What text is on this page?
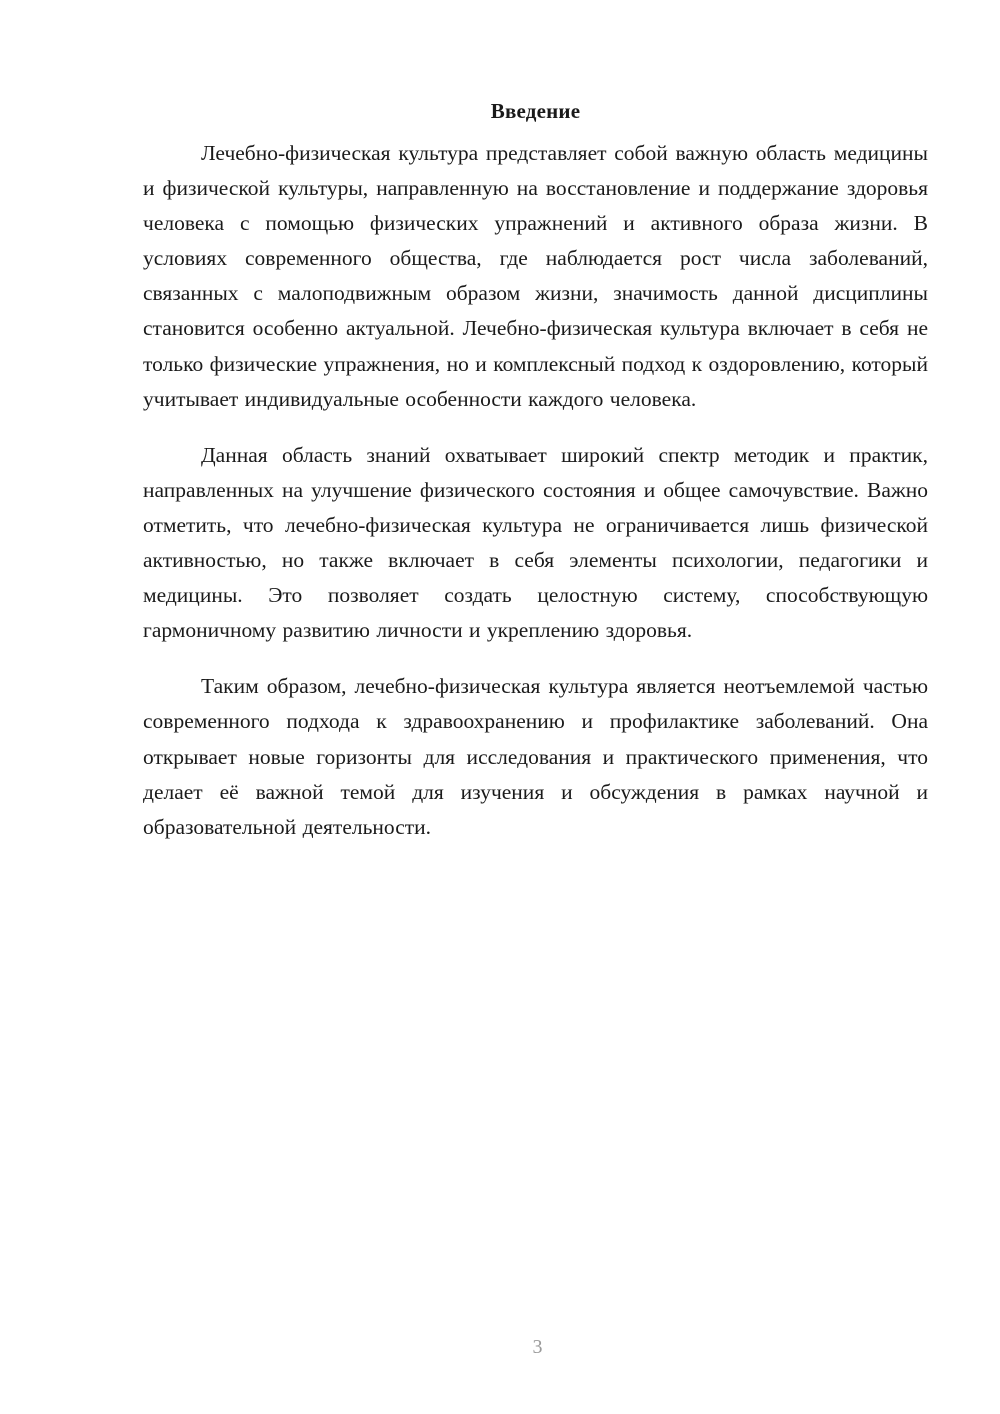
Введение

Лечебно-физическая культура представляет собой важную область медицины и физической культуры, направленную на восстановление и поддержание здоровья человека с помощью физических упражнений и активного образа жизни. В условиях современного общества, где наблюдается рост числа заболеваний, связанных с малоподвижным образом жизни, значимость данной дисциплины становится особенно актуальной. Лечебно-физическая культура включает в себя не только физические упражнения, но и комплексный подход к оздоровлению, который учитывает индивидуальные особенности каждого человека.

Данная область знаний охватывает широкий спектр методик и практик, направленных на улучшение физического состояния и общее самочувствие. Важно отметить, что лечебно-физическая культура не ограничивается лишь физической активностью, но также включает в себя элементы психологии, педагогики и медицины. Это позволяет создать целостную систему, способствующую гармоничному развитию личности и укреплению здоровья.

Таким образом, лечебно-физическая культура является неотъемлемой частью современного подхода к здравоохранению и профилактике заболеваний. Она открывает новые горизонты для исследования и практического применения, что делает её важной темой для изучения и обсуждения в рамках научной и образовательной деятельности.

3
